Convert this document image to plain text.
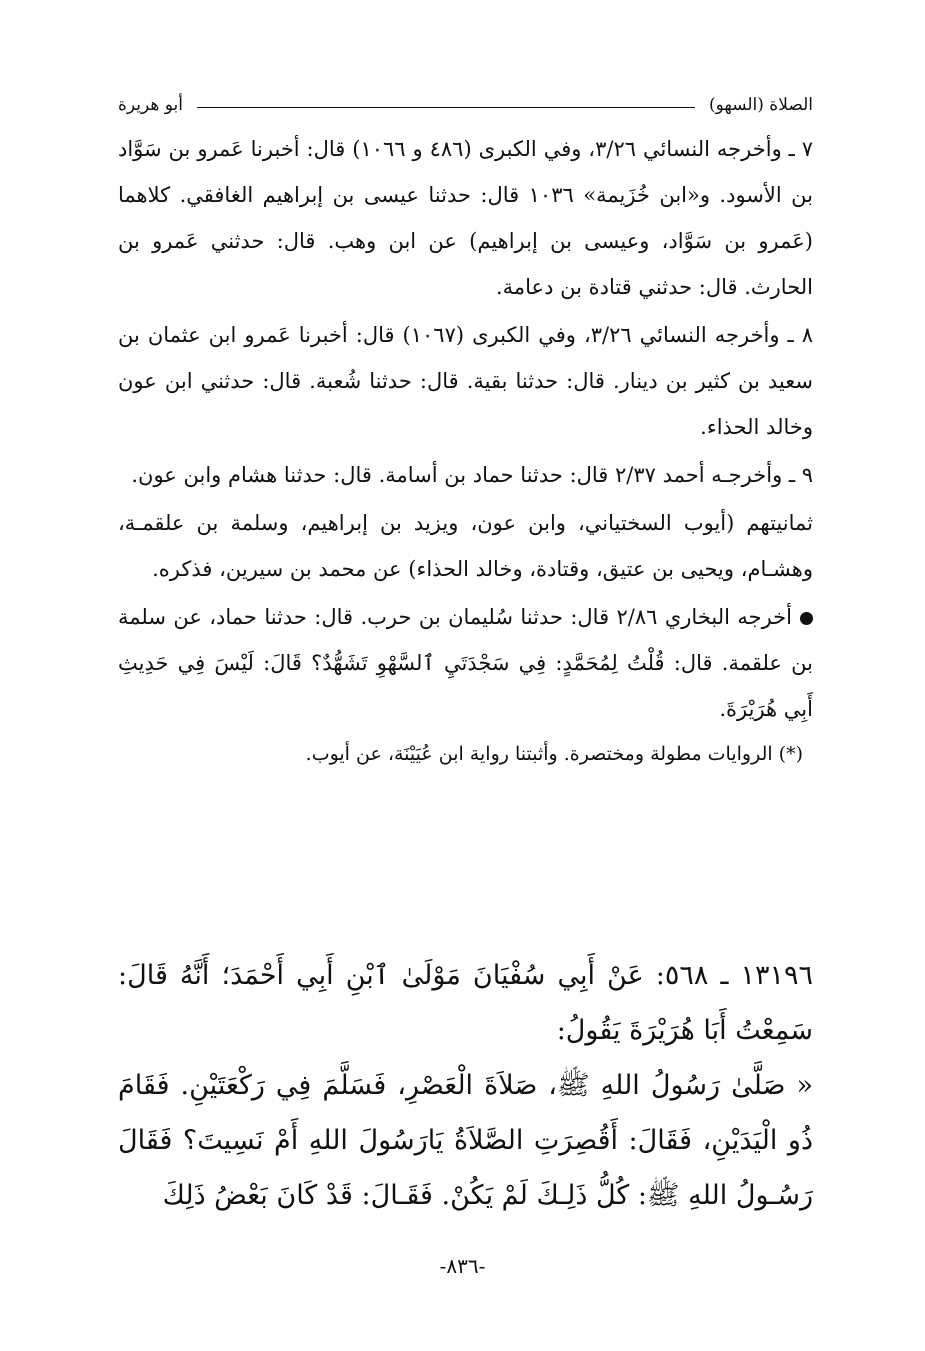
الصلاة (السهو)
أبو هريرة

٧ ـ وأخرجه النسائي ٣/٢٦، وفي الكبرى (٤٨٦ و ١٠٦٦) قال: أخبرنا عَمرو بن سَوَّاد بن الأسود. و«ابن خُزَيمة» ١٠٣٦ قال: حدثنا عيسى بن إبراهيم الغافقي. كلاهما (عَمرو بن سَوَّاد، وعيسى بن إبراهيم) عن ابن وهب. قال: حدثني عَمرو بن الحارث. قال: حدثني قتادة بن دعامة.

٨ ـ وأخرجه النسائي ٣/٢٦، وفي الكبرى (١٠٦٧) قال: أخبرنا عَمرو ابن عثمان بن سعيد بن كثير بن دينار. قال: حدثنا بقية. قال: حدثنا شُعبة. قال: حدثني ابن عون وخالد الحذاء.

٩ ـ وأخرجـه أحمد ٢/٣٧ قال: حدثنا حماد بن أسامة. قال: حدثنا هشام وابن عون.

ثمانيتهم (أيوب السختياني، وابن عون، ويزيد بن إبراهيم، وسلمة بن علقمـة، وهشـام، ويحيى بن عتيق، وقتادة، وخالد الحذاء) عن محمد بن سيرين، فذكره.

أخرجه البخاري ٢/٨٦ قال: حدثنا سُليمان بن حرب. قال: حدثنا حماد، عن سلمة بن علقمة. قال: قُلْتُ لِمُحَمَّدٍ: فِي سَجْدَتَيِ ٱلسَّهْوِ تَشَهُّدٌ؟ قَالَ: لَيْسَ فِي حَدِيثِ أَبِي هُرَيْرَةَ.

(*) الروايات مطولة ومختصرة. وأثبتنا رواية ابن عُيَيْنَة، عن أيوب.

١٣١٩٦ ـ ٥٦٨: عَنْ أَبِي سُفْيَانَ مَوْلَىٰ ٱبْنِ أَبِي أَحْمَدَ؛ أَنَّهُ قَالَ: سَمِعْتُ أَبَا هُرَيْرَةَ يَقُولُ:

« صَلَّىٰ رَسُولُ اللهِ ﷺ، صَلاَةَ الْعَصْرِ، فَسَلَّمَ فِي رَكْعَتَيْنِ. فَقَامَ ذُو الْيَدَيْنِ، فَقَالَ: أَقُصِرَتِ الصَّلاَةُ يَارَسُولَ اللهِ أَمْ نَسِيتَ؟ فَقَالَ رَسُـولُ اللهِ ﷺ: كُلُّ ذَلِـكَ لَمْ يَكُنْ. فَقَـالَ: قَدْ كَانَ بَعْضُ ذَلِكَ

-٨٣٦-
